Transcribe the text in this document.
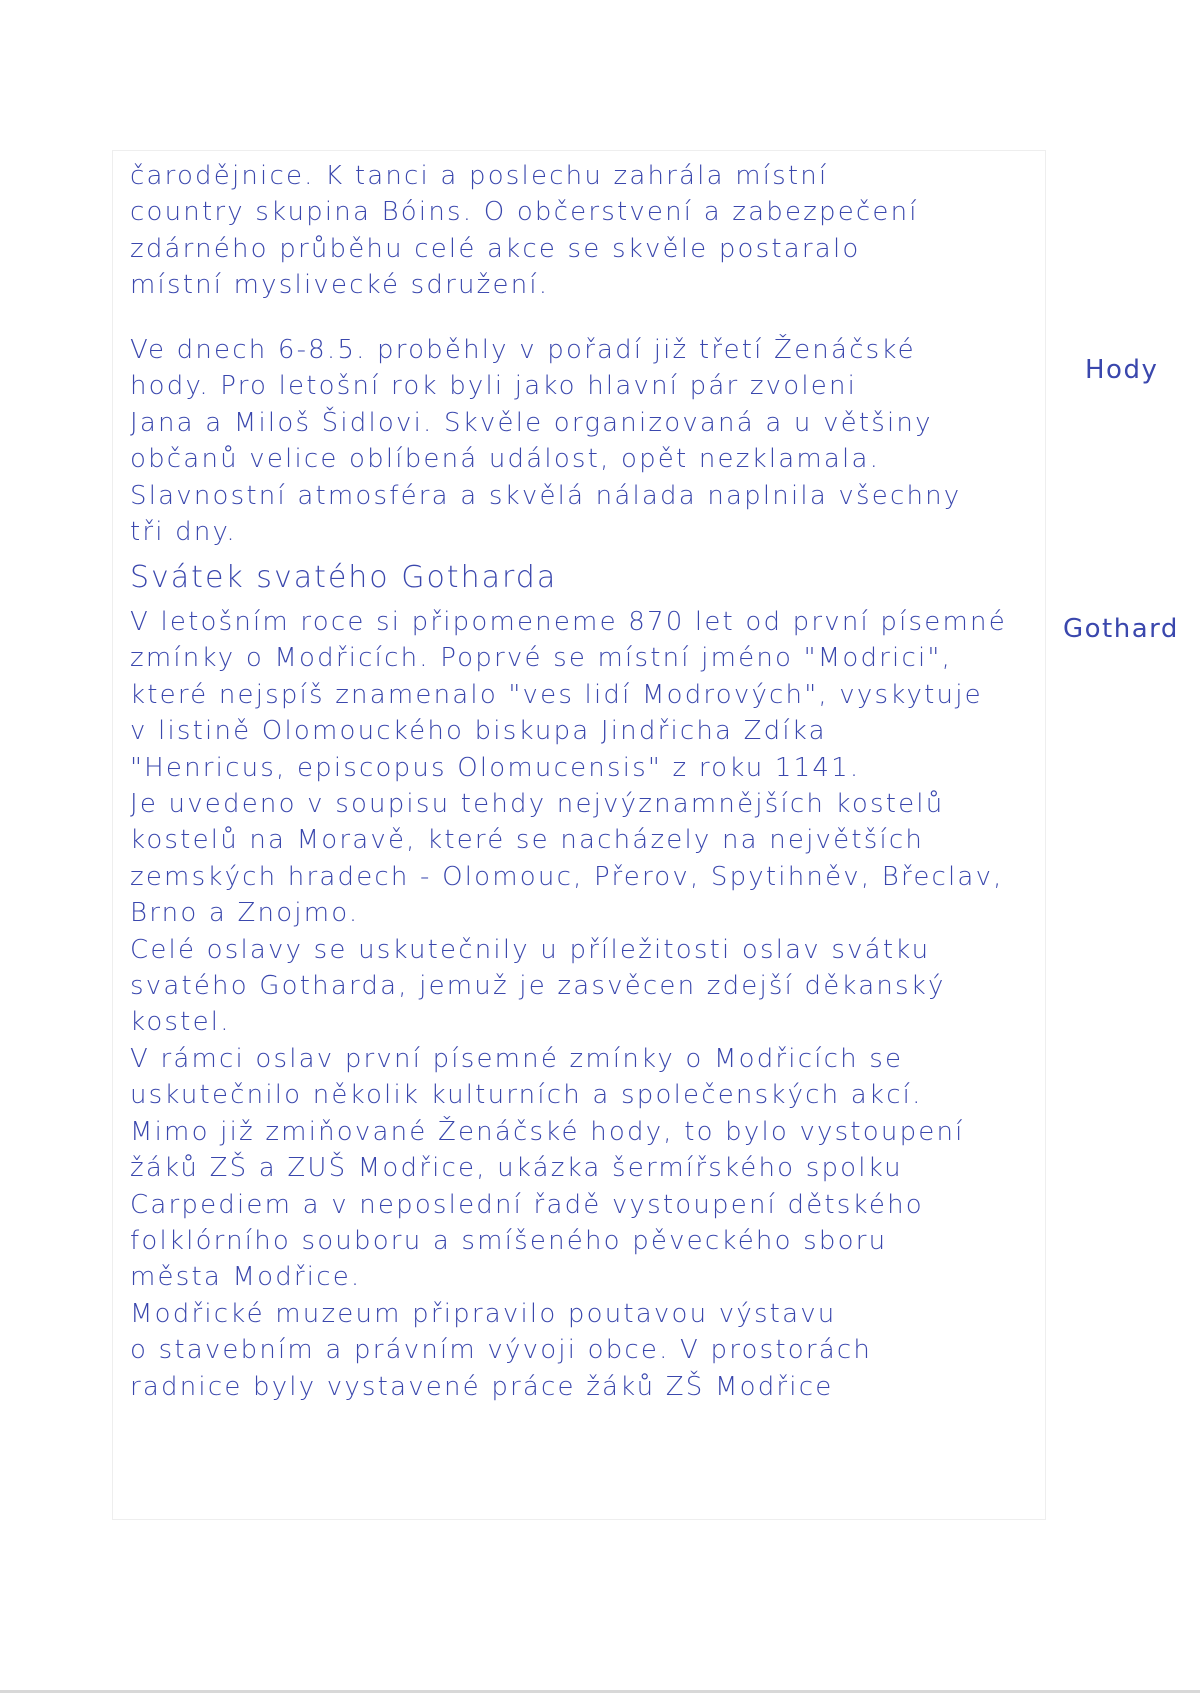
čarodějnice. K tanci a poslechu zahrála místní
country skupina Bóins. O občerstvení a zabezpečení
zdárného průběhu celé akce se skvěle postaralo
místní myslivecké sdružení.
Ve dnech 6-8.5. proběhly v pořadí již třetí Ženáčské
hody. Pro letošní rok byli jako hlavní pár zvoleni
Jana a Miloš Šidlovi. Skvěle organizovaná a u většiny
občanů velice oblíbená událost, opět nezklamala.
Slavnostní atmosféra a skvělá nálada naplnila všechny
tři dny.
Svátek svatého Gotharda
V letošním roce si připomeneme 870 let od první písemné
zmínky o Modřicích. Poprvé se místní jméno "Modrici",
které nejspíš znamenalo "ves lidí Modrových", vyskytuje
v listině Olomouckého biskupa Jindřicha Zdíka
"Henricus, episcopus Olomucensis" z roku 1141.
Je uvedeno v soupisu tehdy nejvýznamnějších kostelů
kostelů na Moravě, které se nacházely na největších
zemských hradech - Olomouc, Přerov, Spytihněv, Břeclav,
Brno a Znojmo.
Celé oslavy se uskutečnily u příležitosti oslav svátku
svatého Gotharda, jemuž je zasvěcen zdejší děkanský
kostel.
V rámci oslav první písemné zmínky o Modřicích se
uskutečnilo několik kulturních a společenských akcí.
Mimo již zmiňované Ženáčské hody, to bylo vystoupení
žáků ZŠ a ZUŠ Modřice, ukázka šermířského spolku
Carpediem a v neposlední řadě vystoupení dětského
folklórního souboru a smíšeného pěveckého sboru
města Modřice.
Modřické muzeum připravilo poutavou výstavu
o stavebním a právním vývoji obce. V prostorách
radnice byly vystavené práce žáků ZŠ Modřice
Hody
Gothard
